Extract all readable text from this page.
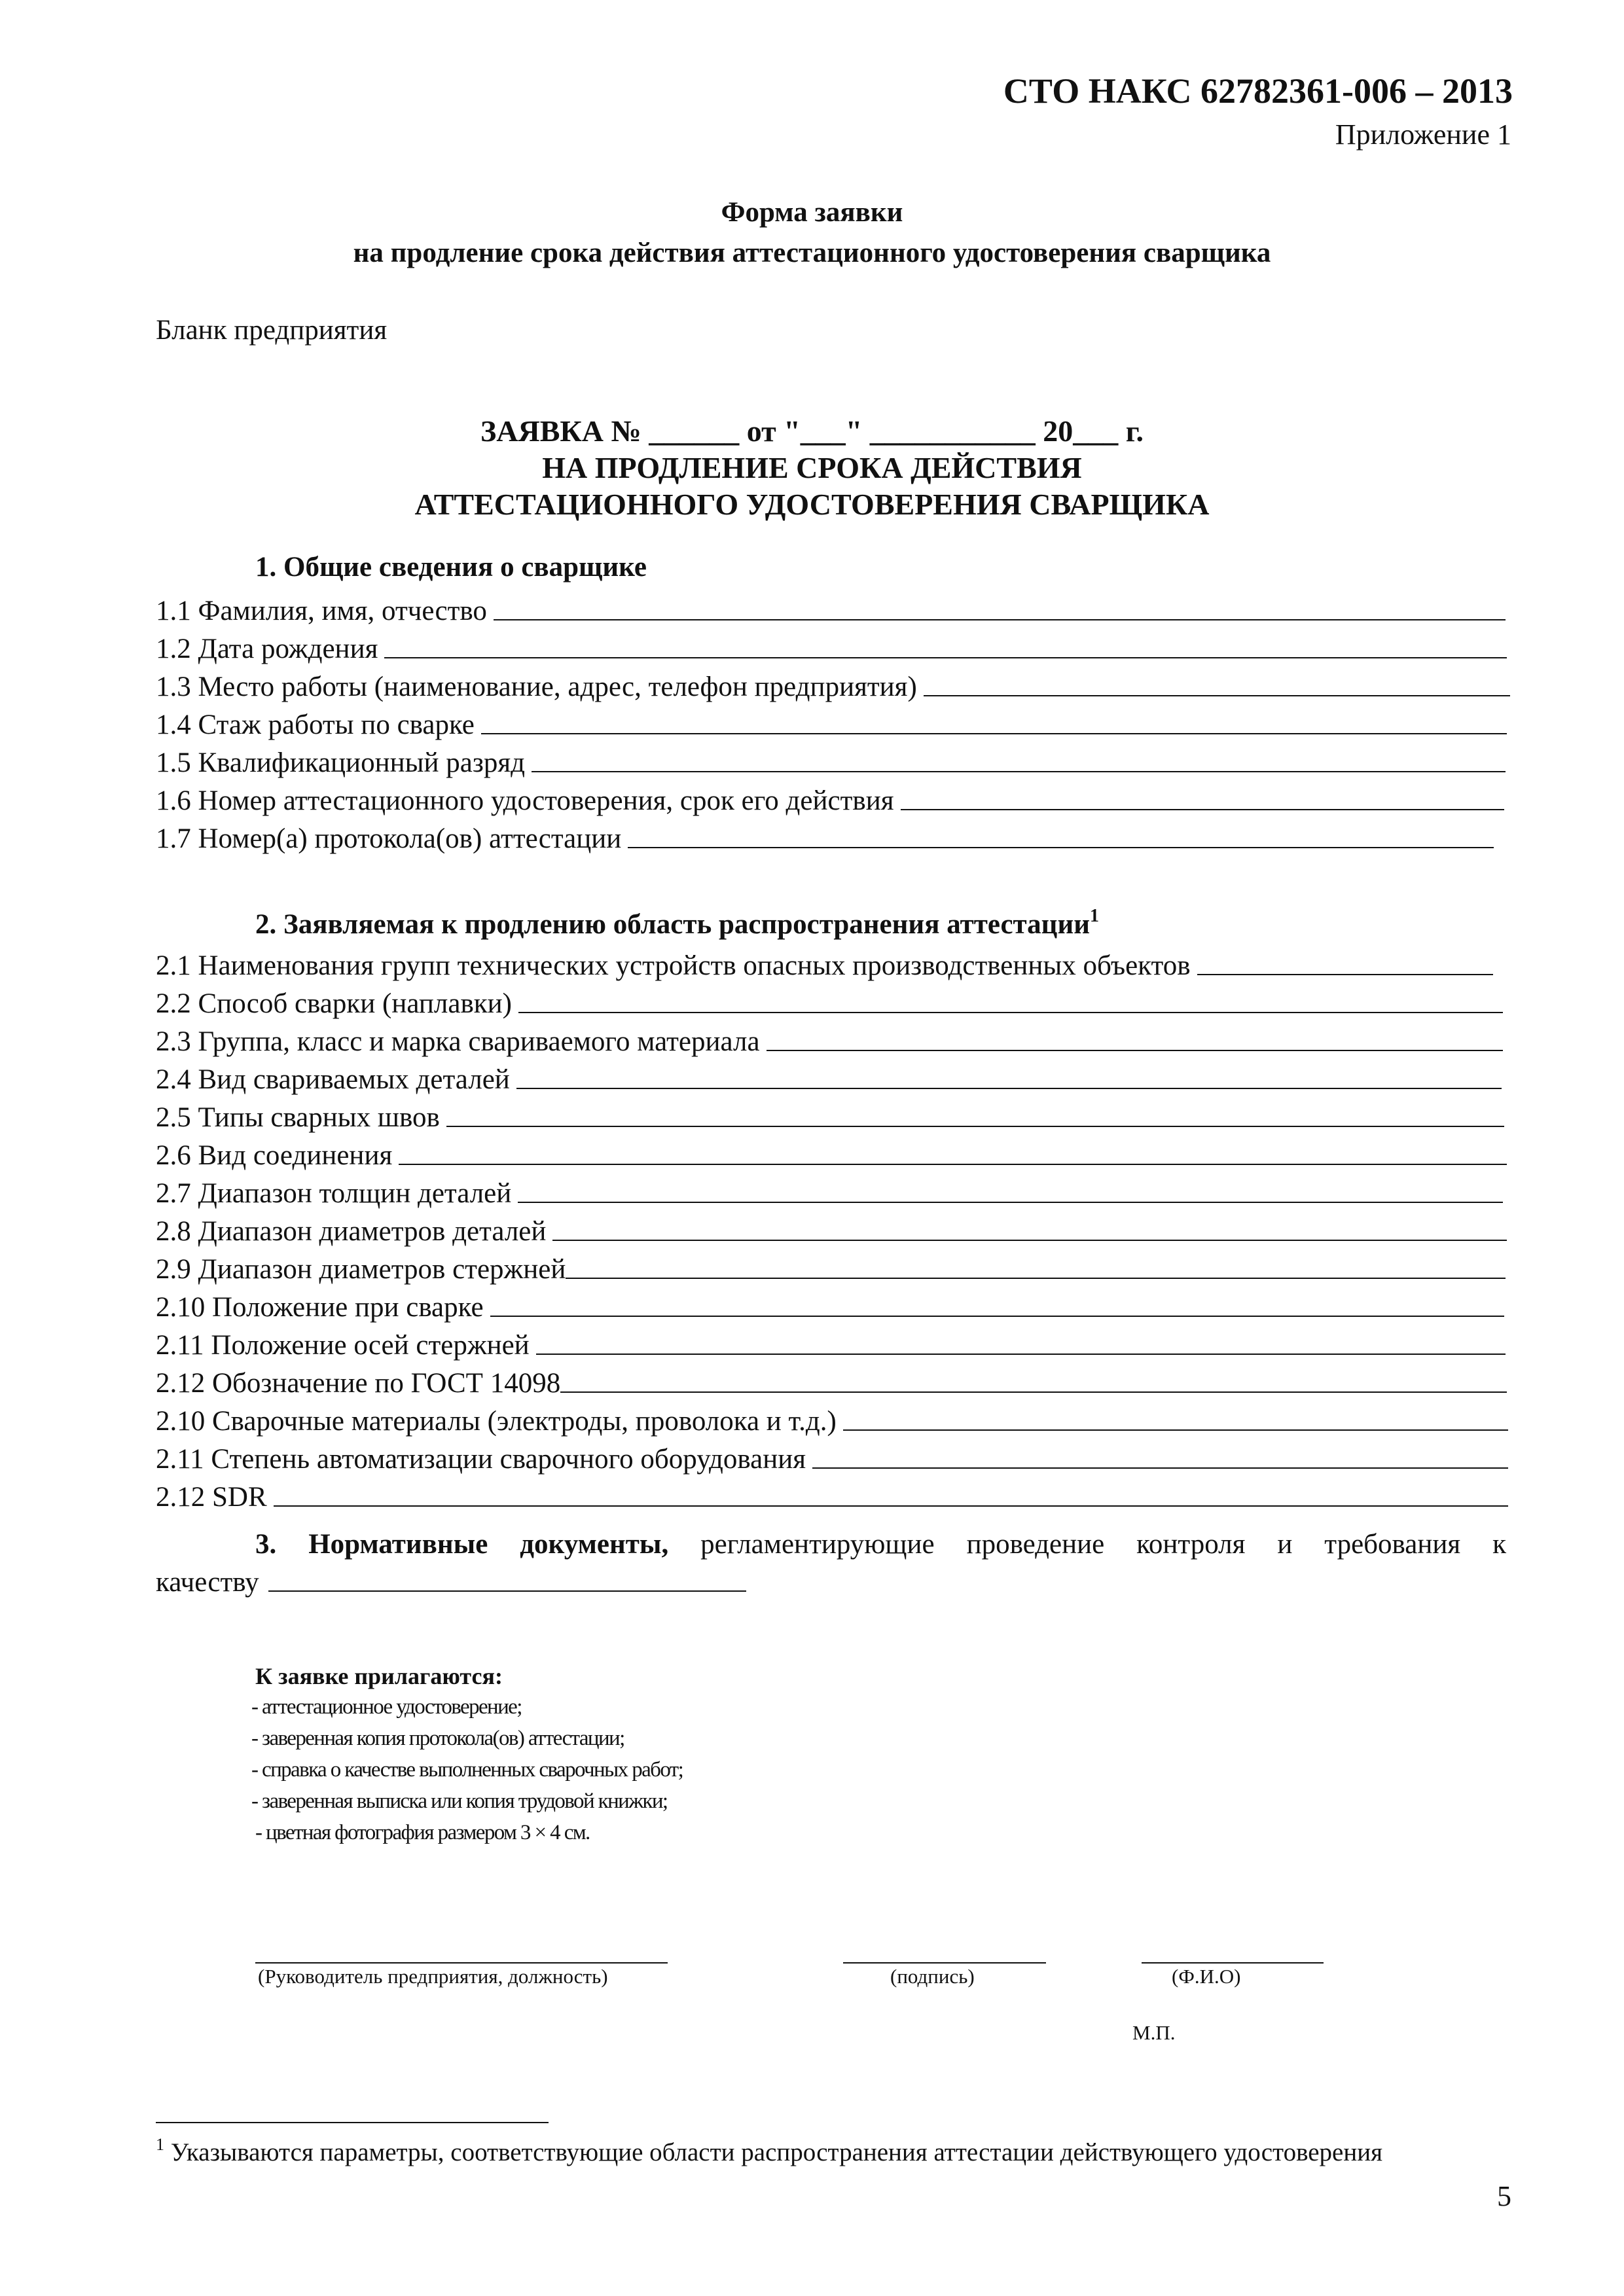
СТО НАКС 62782361-006 – 2013
Приложение 1
Форма заявки
на продление срока действия аттестационного удостоверения сварщика
Бланк предприятия
ЗАЯВКА № ______ от "___" ___________ 20___ г.
НА ПРОДЛЕНИЕ СРОКА ДЕЙСТВИЯ
АТТЕСТАЦИОННОГО УДОСТОВЕРЕНИЯ СВАРЩИКА
1. Общие сведения о сварщике
1.1 Фамилия, имя, отчество
1.2 Дата рождения
1.3 Место работы (наименование, адрес, телефон предприятия)
1.4 Стаж работы по сварке
1.5 Квалификационный разряд
1.6 Номер аттестационного удостоверения, срок его действия
1.7 Номер(а) протокола(ов) аттестации
2. Заявляемая к продлению область распространения аттестации$^1$
2.1 Наименования групп технических устройств опасных производственных объектов
2.2 Способ сварки (наплавки)
2.3 Группа, класс и марка свариваемого материала
2.4 Вид свариваемых деталей
2.5 Типы сварных швов
2.6 Вид соединения
2.7 Диапазон толщин деталей
2.8 Диапазон диаметров деталей
2.9 Диапазон диаметров стержней
2.10 Положение при сварке
2.11 Положение осей стержней
2.12 Обозначение по ГОСТ 14098
2.10 Сварочные материалы (электроды, проволока и т.д.)
2.11 Степень автоматизации сварочного оборудования
2.12 SDR
3. Нормативные документы, регламентирующие проведение контроля и требования к
качеству
К заявке прилагаются:
- аттестационное удостоверение;
- заверенная копия протокола(ов) аттестации;
- справка о качестве выполненных сварочных работ;
- заверенная выписка или копия трудовой книжки;
- цветная фотография размером 3 × 4 см.
(Руководитель предприятия, должность)	(подпись)	(Ф.И.О)
М.П.
$^1$ Указываются параметры, соответствующие области распространения аттестации действующего удостоверения
5
